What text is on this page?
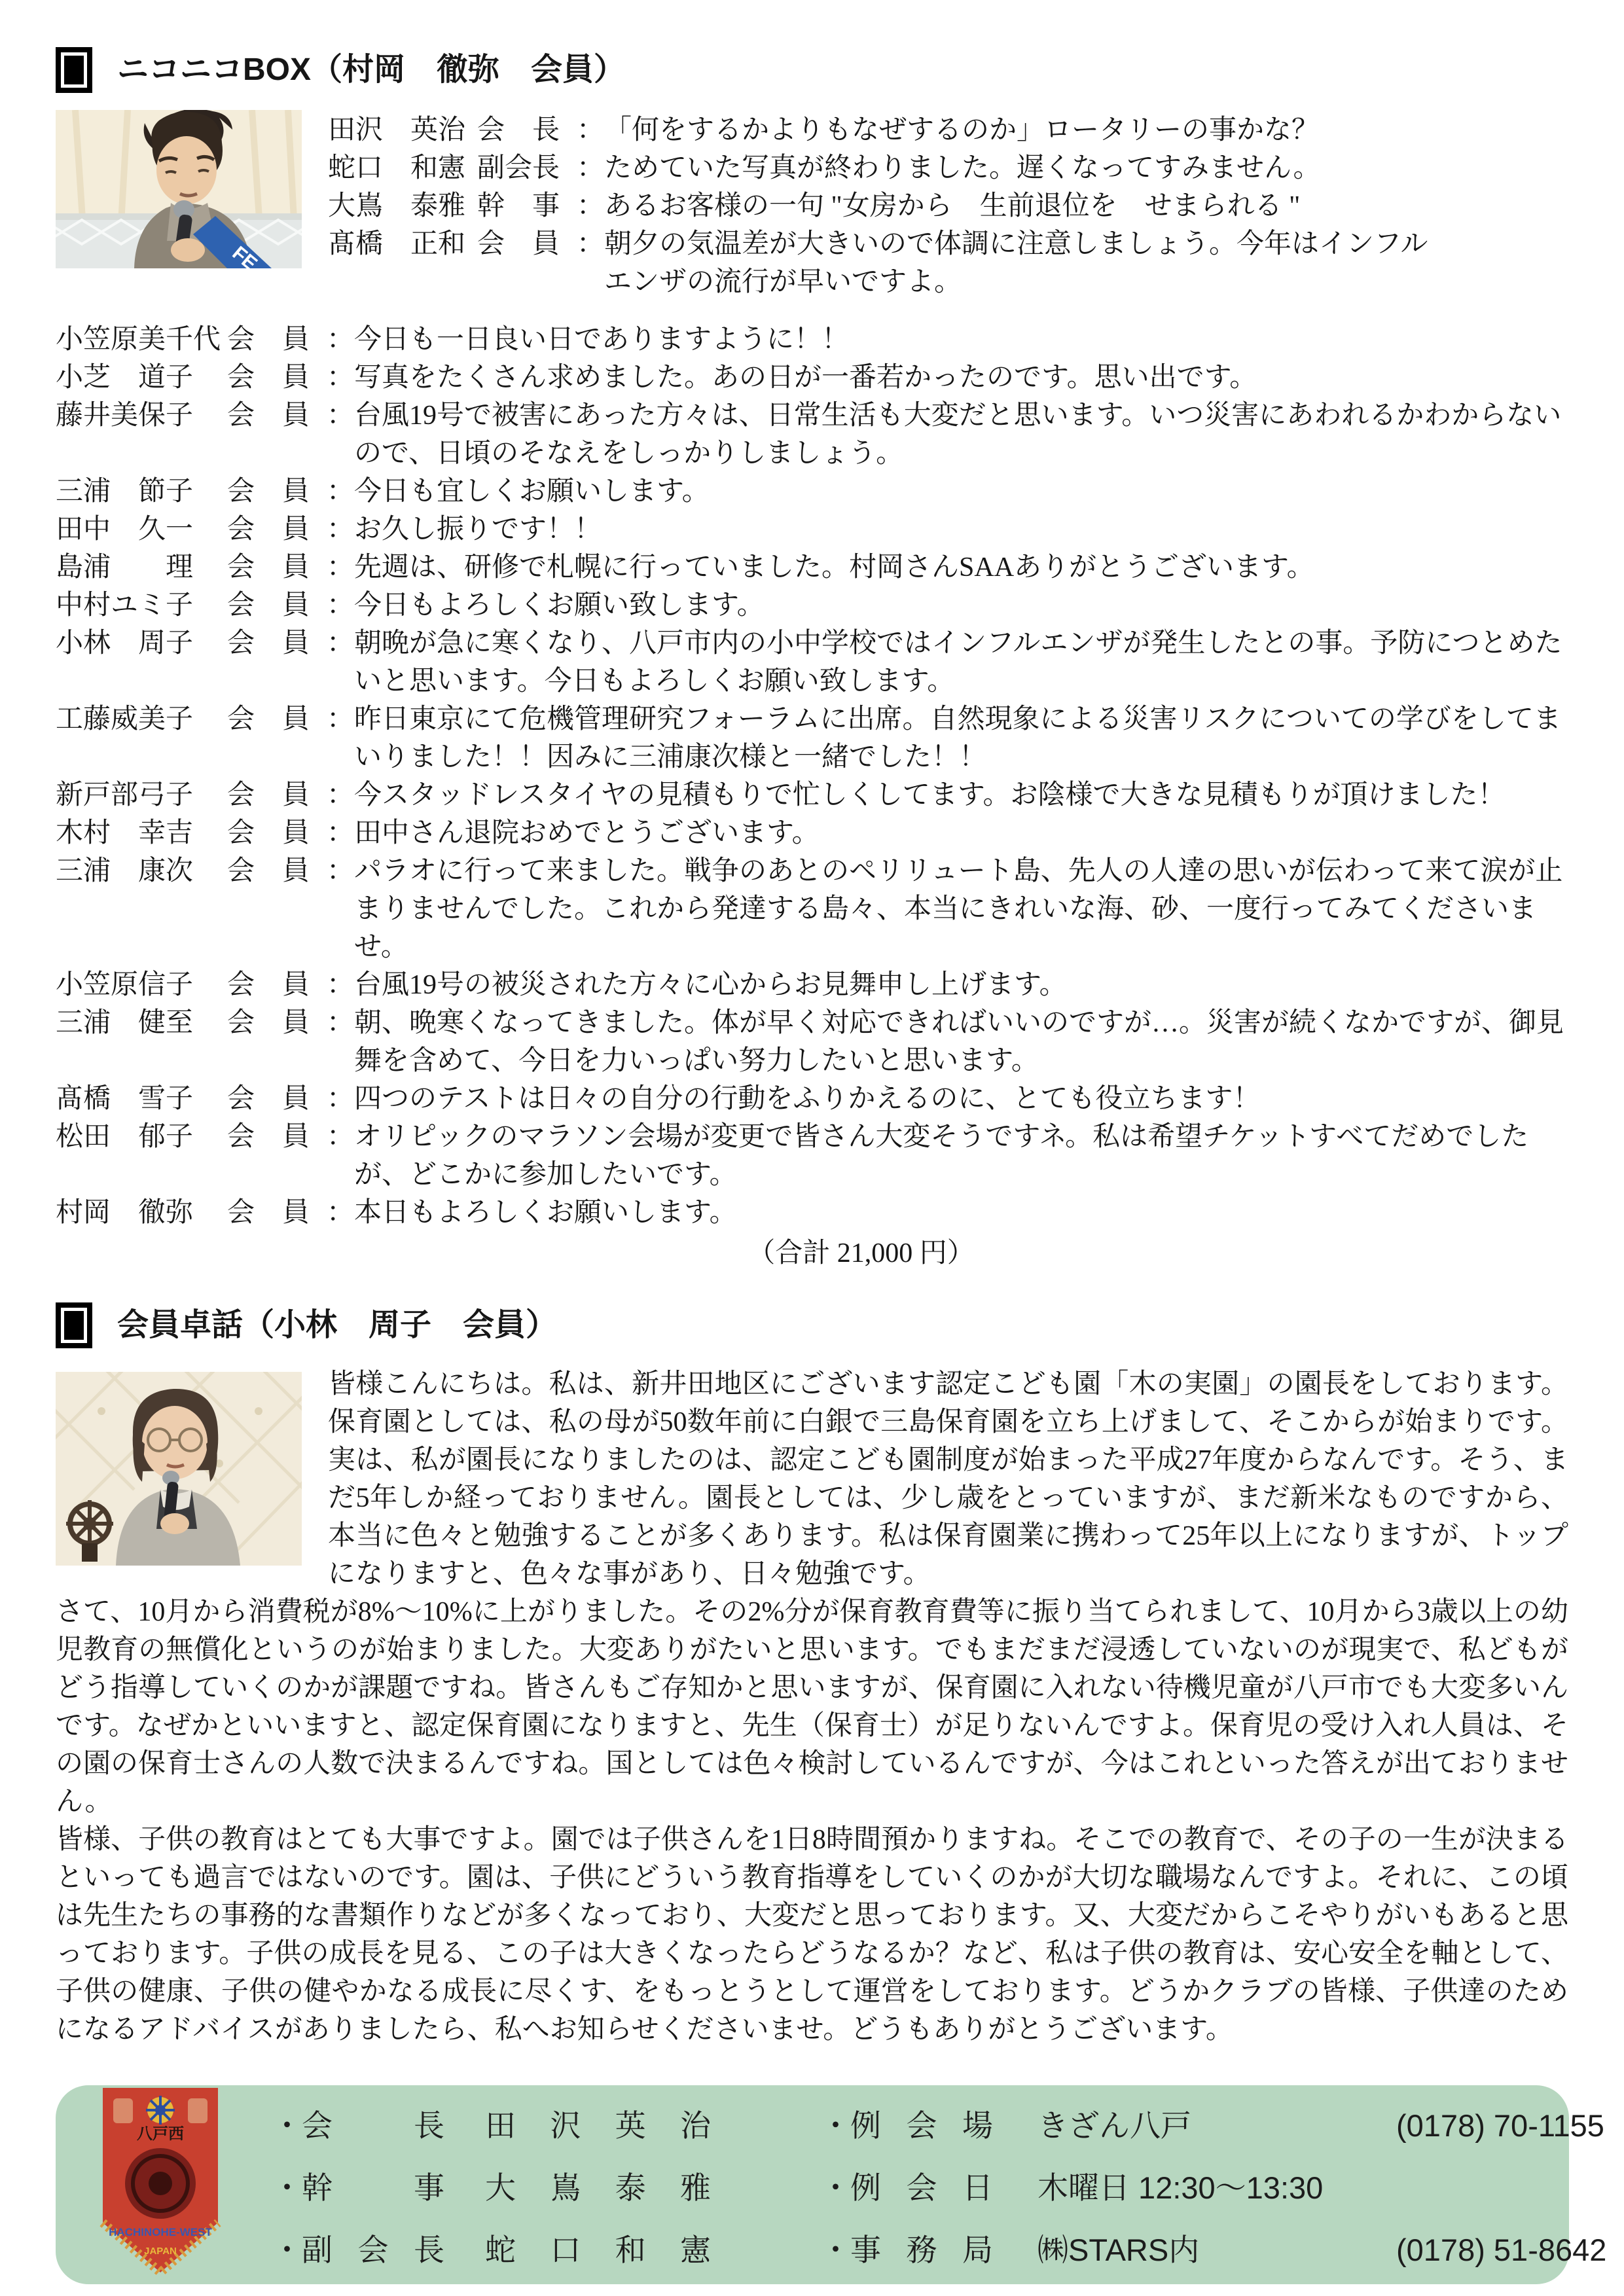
ニコニコBOX（村岡　徹弥　会員）
FE
田沢　英治 会　長 ： 「何をするかよりもなぜするのか」ロータリーの事かな？
蛇口　和憲 副会長 ： ためていた写真が終わりました。遅くなってすみません。
大嶌　泰雅 幹　事 ： あるお客様の一句 "女房から　生前退位を　せまられる "
髙橋　正和 会　員 ： 朝夕の気温差が大きいので体調に注意しましょう。今年はインフルエンザの流行が早いですよ。
小笠原美千代 会　員 ： 今日も一日良い日でありますように！！
小芝　道子	会　員 ： 写真をたくさん求めました。あの日が一番若かったのです。思い出です。
藤井美保子	会　員 ： 台風19号で被害にあった方々は、日常生活も大変だと思います。いつ災害にあわれるかわからないので、日頃のそなえをしっかりしましょう。
三浦　節子	会　員 ： 今日も宜しくお願いします。
田中　久一	会　員 ： お久し振りです！！
島浦　　理	会　員 ： 先週は、研修で札幌に行っていました。村岡さんSAAありがとうございます。
中村ユミ子	会　員 ： 今日もよろしくお願い致します。
小林　周子	会　員 ： 朝晩が急に寒くなり、八戸市内の小中学校ではインフルエンザが発生したとの事。予防につとめたいと思います。今日もよろしくお願い致します。
工藤威美子	会　員 ： 昨日東京にて危機管理研究フォーラムに出席。自然現象による災害リスクについての学びをしてまいりました！！因みに三浦康次様と一緒でした！！
新戸部弓子	会　員 ： 今スタッドレスタイヤの見積もりで忙しくしてます。お陰様で大きな見積もりが頂けました！
木村　幸吉	会　員 ： 田中さん退院おめでとうございます。
三浦　康次	会　員 ： パラオに行って来ました。戦争のあとのペリリュート島、先人の人達の思いが伝わって来て涙が止まりませんでした。これから発達する島々、本当にきれいな海、砂、一度行ってみてくださいませ。
小笠原信子	会　員 ： 台風19号の被災された方々に心からお見舞申し上げます。
三浦　健至	会　員 ： 朝、晩寒くなってきました。体が早く対応できればいいのですが…。災害が続くなかですが、御見舞を含めて、今日を力いっぱい努力したいと思います。
髙橋　雪子	会　員 ： 四つのテストは日々の自分の行動をふりかえるのに、とても役立ちます！
松田　郁子	会　員 ： オリピックのマラソン会場が変更で皆さん大変そうですネ。私は希望チケットすべてだめでしたが、どこかに参加したいです。
村岡　徹弥	会　員 ： 本日もよろしくお願いします。
（合計 21,000 円）
会員卓話（小林　周子　会員）

皆様こんにちは。私は、新井田地区にございます認定こども園「木の実園」の園長をしております。保育園としては、私の母が50数年前に白銀で三島保育園を立ち上げまして、そこからが始まりです。実は、私が園長になりましたのは、認定こども園制度が始まった平成27年度からなんです。そう、まだ5年しか経っておりません。園長としては、少し歳をとっていますが、まだ新米なものですから、本当に色々と勉強することが多くあります。私は保育園業に携わって25年以上になりますが、トップになりますと、色々な事があり、日々勉強です。

さて、10月から消費税が8%～10%に上がりました。その2%分が保育教育費等に振り当てられまして、10月から3歳以上の幼児教育の無償化というのが始まりました。大変ありがたいと思います。でもまだまだ浸透していないのが現実で、私どもがどう指導していくのかが課題ですね。皆さんもご存知かと思いますが、保育園に入れない待機児童が八戸市でも大変多いんです。なぜかといいますと、認定保育園になりますと、先生（保育士）が足りないんですよ。保育児の受け入れ人員は、その園の保育士さんの人数で決まるんですね。国としては色々検討しているんですが、今はこれといった答えが出ておりません。

皆様、子供の教育はとても大事ですよ。園では子供さんを1日8時間預かりますね。そこでの教育で、その子の一生が決まるといっても過言ではないのです。園は、子供にどういう教育指導をしていくのかが大切な職場なんですよ。それに、この頃は先生たちの事務的な書類作りなどが多くなっており、大変だと思っております。又、大変だからこそやりがいもあると思っております。子供の成長を見る、この子は大きくなったらどうなるか？など、私は子供の教育は、安心安全を軸として、子供の健康、子供の健やかなる成長に尽くす、をもっとうとして運営をしております。どうかクラブの皆様、子供達のためになるアドバイスがありましたら、私へお知らせくださいませ。どうもありがとうございます。

八戸西
HACHINOHE-WEST
JAPAN
・ 会長 田沢英治
・ 幹事 大嶌泰雅
・ 副会長 蛇口和憲
・ 例会場 きざん八戸	(0178) 70-1155
・ 例会日 木曜日 12:30～13:30
・ 事務局 ㈱STARS内	(0178) 51-8642
